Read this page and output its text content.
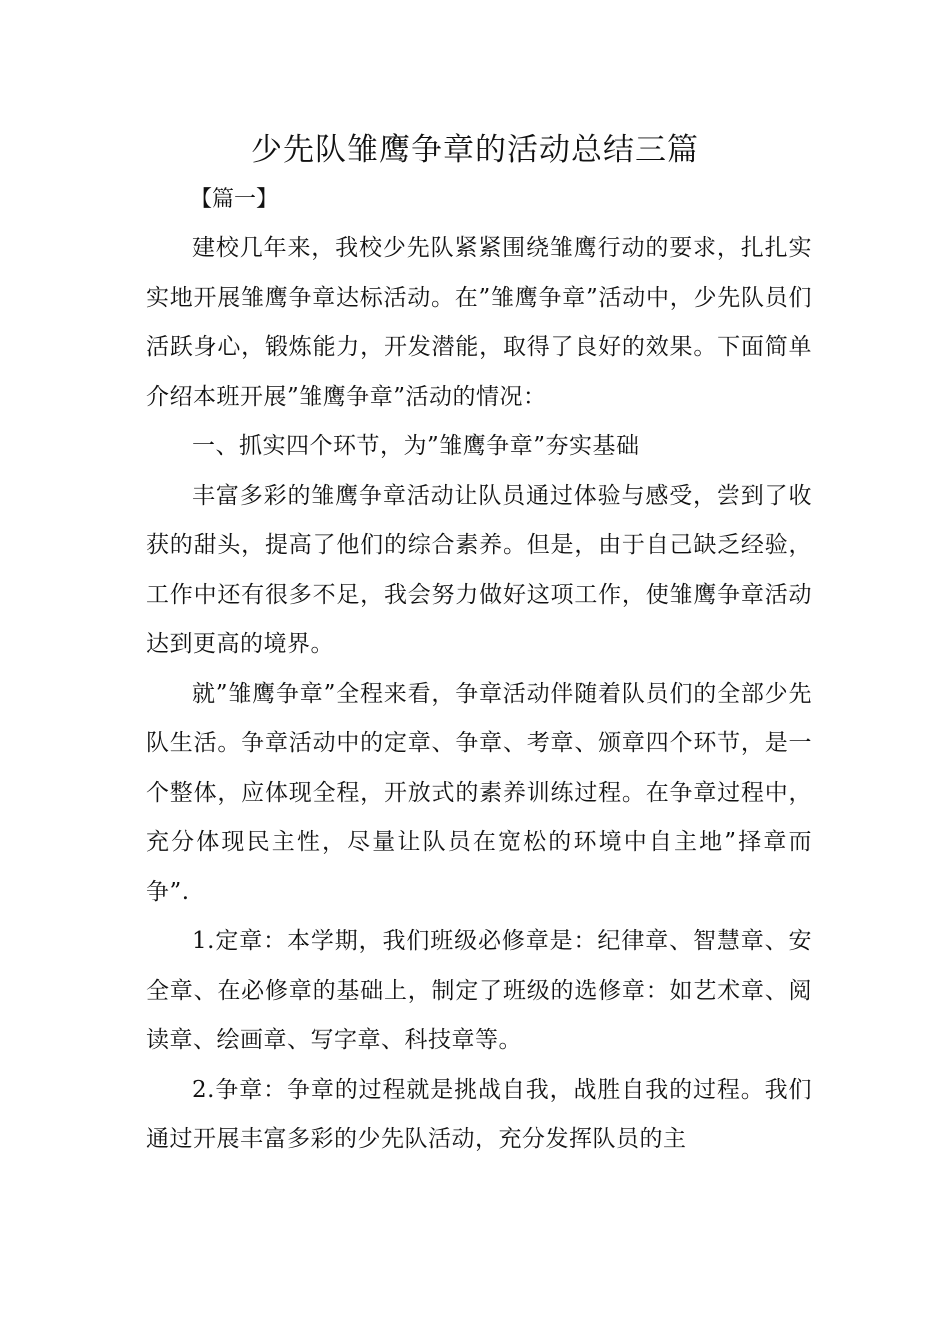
少先队雏鹰争章的活动总结三篇
【篇一】

建校几年来，我校少先队紧紧围绕雏鹰行动的要求，扎扎实实地开展雏鹰争章达标活动。在”雏鹰争章”活动中，少先队员们活跃身心，锻炼能力，开发潜能，取得了良好的效果。下面简单介绍本班开展”雏鹰争章”活动的情况：

一、抓实四个环节，为”雏鹰争章”夯实基础

丰富多彩的雏鹰争章活动让队员通过体验与感受，尝到了收获的甜头，提高了他们的综合素养。但是，由于自己缺乏经验，工作中还有很多不足，我会努力做好这项工作，使雏鹰争章活动达到更高的境界。

就”雏鹰争章”全程来看，争章活动伴随着队员们的全部少先队生活。争章活动中的定章、争章、考章、颁章四个环节，是一个整体，应体现全程，开放式的素养训练过程。在争章过程中，充分体现民主性，尽量让队员在宽松的环境中自主地”择章而争”.

1.定章：本学期，我们班级必修章是：纪律章、智慧章、安全章、在必修章的基础上，制定了班级的选修章：如艺术章、阅读章、绘画章、写字章、科技章等。

2.争章：争章的过程就是挑战自我，战胜自我的过程。我们通过开展丰富多彩的少先队活动，充分发挥队员的主
